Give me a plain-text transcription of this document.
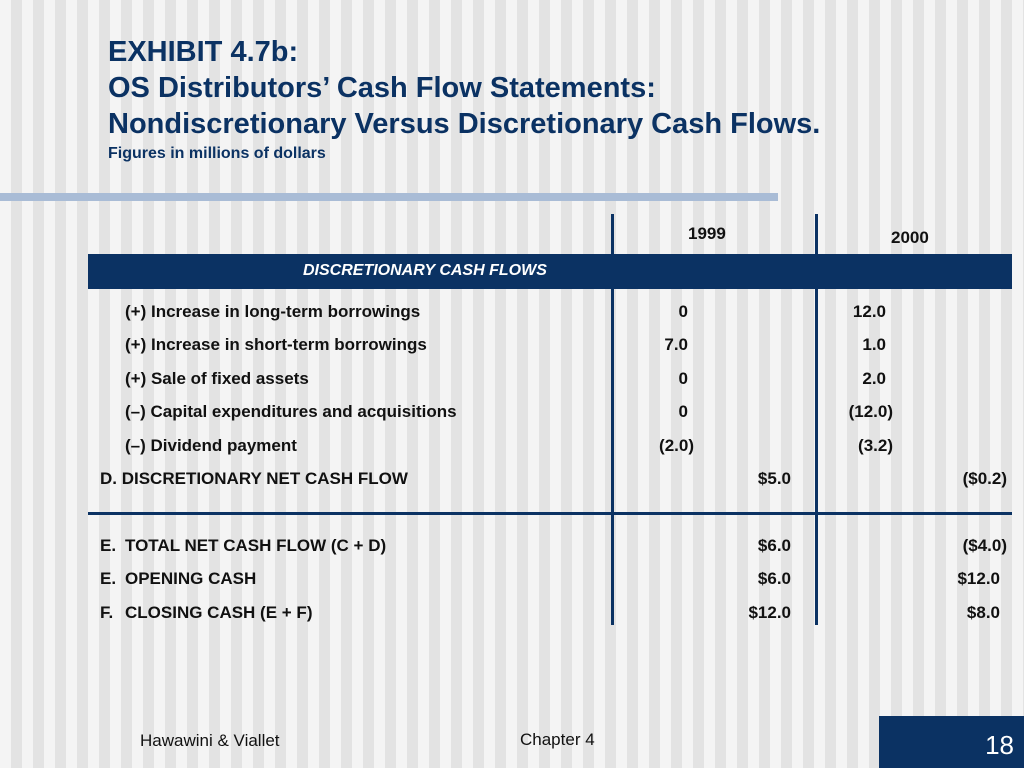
EXHIBIT 4.7b:
OS Distributors’ Cash Flow Statements:
Nondiscretionary Versus Discretionary Cash Flows.
Figures in millions of dollars
1999	2000
DISCRETIONARY CASH FLOWS
(+) Increase in long-term borrowings	0	12.0
(+) Increase in short-term borrowings	7.0	1.0
(+) Sale of fixed assets	0	2.0
(–) Capital expenditures and acquisitions	0	(12.0)
(–) Dividend payment	(2.0)	(3.2)
D. DISCRETIONARY NET CASH FLOW	$5.0	($0.2)
E. TOTAL NET CASH FLOW (C + D)	$6.0	($4.0)
E. OPENING CASH	$6.0	$12.0
F. CLOSING CASH (E + F)	$12.0	$8.0
Hawawini & Viallet	Chapter 4	18
